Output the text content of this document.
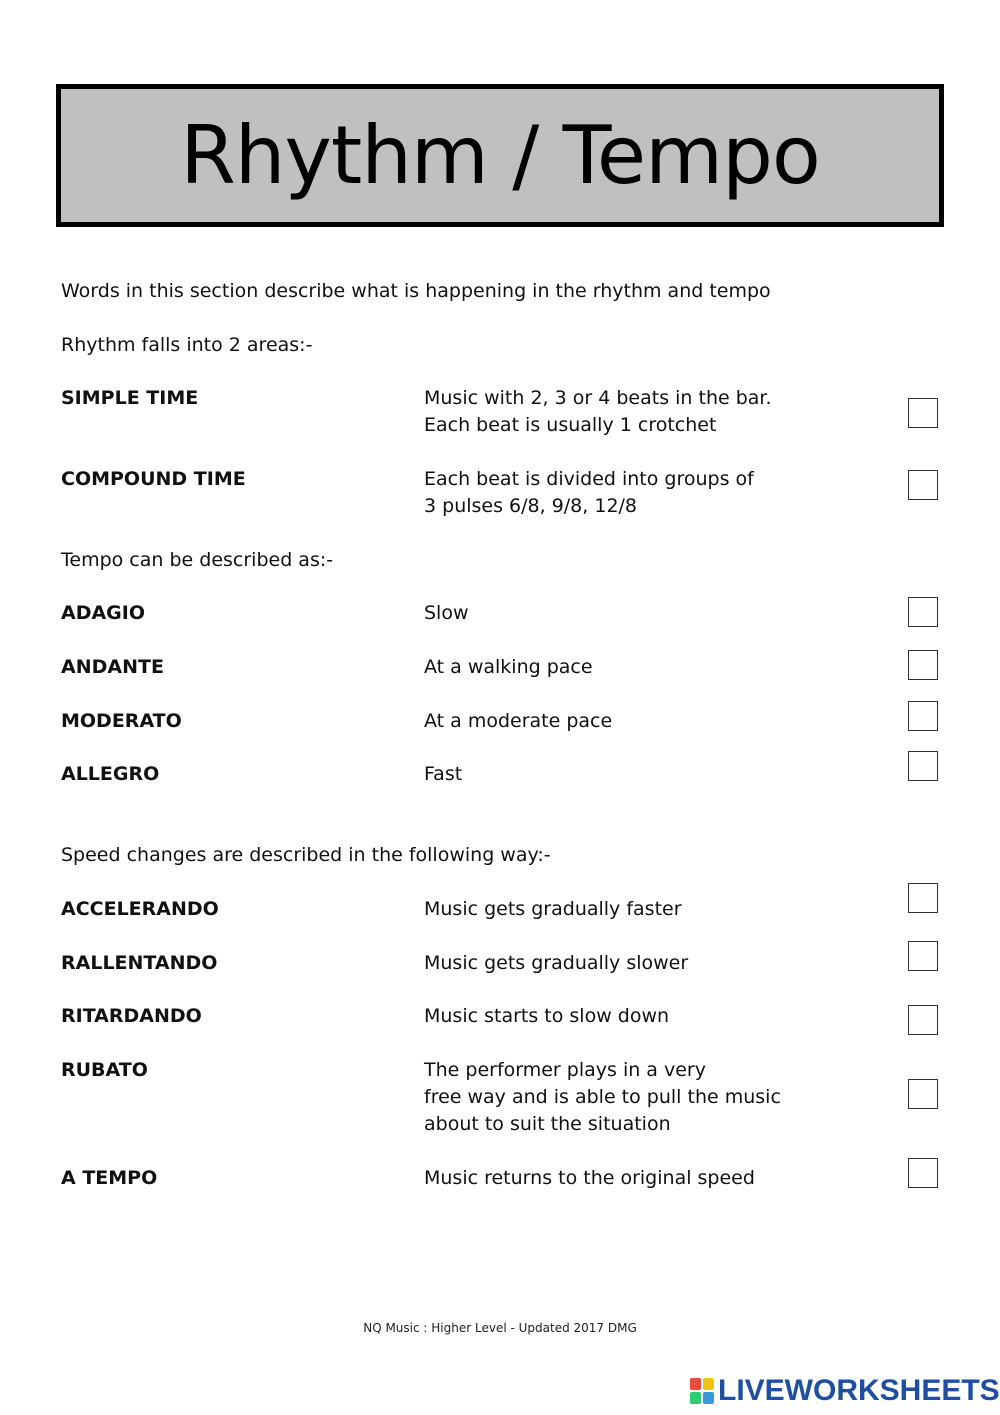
Rhythm / Tempo
Words in this section describe what is happening in the rhythm and tempo
Rhythm falls into 2 areas:-
SIMPLE TIME	Music with 2, 3 or 4 beats in the bar.
Each beat is usually 1 crotchet
COMPOUND TIME	Each beat is divided into groups of
3 pulses 6/8, 9/8, 12/8
Tempo can be described as:-
ADAGIO	Slow
ANDANTE	At a walking pace
MODERATO	At a moderate pace
ALLEGRO	Fast
Speed changes are described in the following way:-
ACCELERANDO	Music gets gradually faster
RALLENTANDO	Music gets gradually slower
RITARDANDO	Music starts to slow down
RUBATO	The performer plays in a very
free way and is able to pull the music
about to suit the situation
A TEMPO	Music returns to the original speed
NQ Music : Higher Level - Updated 2017 DMG
LIVEWORKSHEETS
